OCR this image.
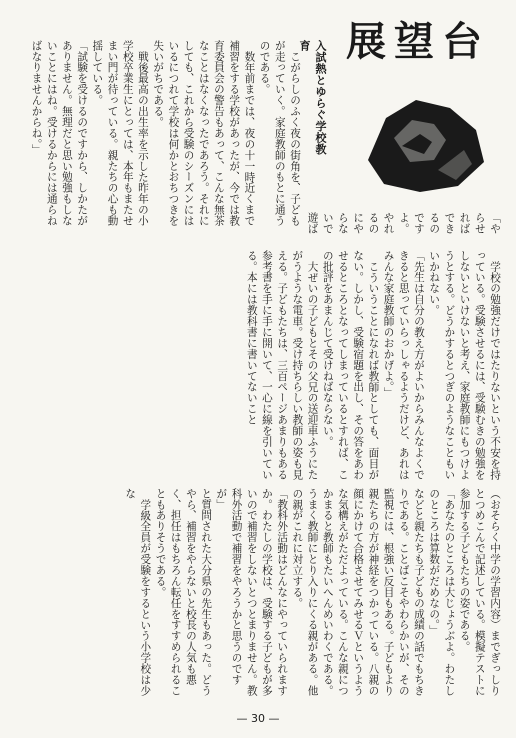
展望台
入試熱とゆらぐ学校教育

こがらしのふく夜の街角を、子どもが走っていく。家庭教師のもとに通うのである。

数年前までは、夜の十一時近くまで補習をする学校があったが、今では教育委員会の警告もあって、こんな無茶なことはなくなったであろう。それにしても、これから受験のシーズンにはいるにつれて学校は何かとおちつきを失いがちである。

戦後最高の出生率を示した昨年の小学校卒業生にとっては、本年もまたせまい門が待っている。親たちの心も動揺している。

「試験を受けるのですから、しかたがありません。無理だと思い勉強もしないことにはね。受けるからには通らねばなりませんからね。」

「やらせればできるのですよ。やれるのにやらないで遊ば

学校の勉強だけではたりないという不安を持っている。受験させるには、受験むきの勉強をしないといけないと考え、家庭教師にもつけようとする。どうかするとつぎのようなこともいいかねない。

「先生は自分の教え方がよいからみんなよくできると思っていらっしゃるようだけど、あれはみんな家庭教師のおかげよ。」

こういうことになれば教師としても、面目がない。しかし、受験宿題を出し、その答をあわせるところとなってしまっているとすれば、この批評をあまんじて受けねばならない。

大ぜいの子どもとその父兄の送迎車ふうにたがうような電車。受け持ちらしい教師の姿も見える。子どもたちは、三百ページあまりもある参考書を手に手に開いて、一心に線を引いている。本には教科書に書いてないこと

（おそらく中学の学習内容）までぎっしりとつめこんで記述している。模擬テストに参加する子どもたちの姿である。

「あなたのところは大じょうぶよ。わたしのところは算数がだめなの。」

などと親たちも子どもの成績の話でもちきりである。ことばこそやわらかいが、その監視には、根強い反目もある。子どもより親たちの方が神経をつかっている。八親の顔にかけて合格させてみせるＶというような気構えがただよっている。こんな親につかまると教師もたいへんめいわくである。うまく教師にとり入りにくる親がある。他の親がこれに対立する。

「教科外活動はどんなにやっていられますか。わたしの学校は、受験する子どもが多いので補習をしないとつとまりません。教科外活動で補習をやろうかと思うのですが」

と質問された大分県の先生もあった。どうやら、補習をやらないと校長の人気も悪く、担任はもちろん転任をすすめられることもありそうである。

学級全員が受験をするという小学校は少な

— 30 —
